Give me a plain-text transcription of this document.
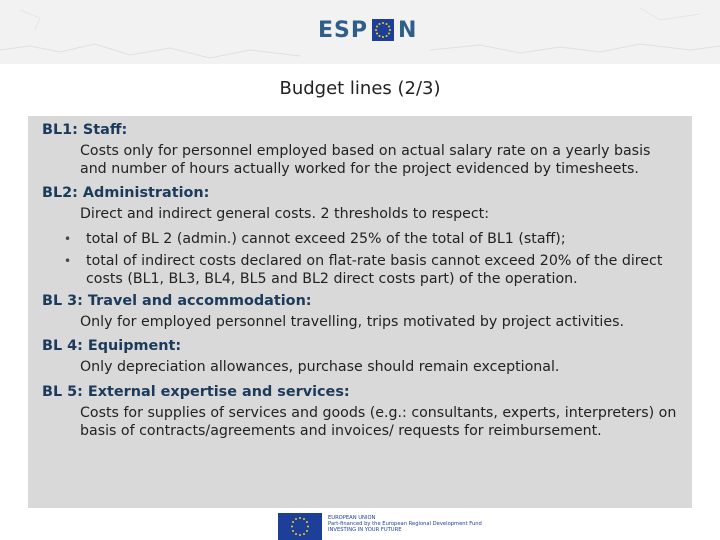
ESP N
Budget lines (2/3)
BL1: Staff:
Costs only for personnel employed based on actual salary rate on a yearly basis and number of hours actually worked for the project evidenced by timesheets.
BL2: Administration:
Direct and indirect general costs. 2 thresholds to respect:
• total of BL 2 (admin.) cannot exceed 25% of the total of BL1 (staff);
• total of indirect costs declared on flat-rate basis cannot exceed 20% of the direct costs (BL1, BL3, BL4, BL5 and BL2 direct costs part) of the operation.
BL 3: Travel and accommodation:
Only for employed personnel travelling, trips motivated by project activities.
BL 4: Equipment:
Only depreciation allowances, purchase should remain exceptional.
BL 5: External expertise and services:
Costs for supplies of services and goods (e.g.: consultants, experts, interpreters) on basis of contracts/agreements and invoices/ requests for reimbursement.
EUROPEAN UNION
Part-financed by the European Regional Development Fund
INVESTING IN YOUR FUTURE
